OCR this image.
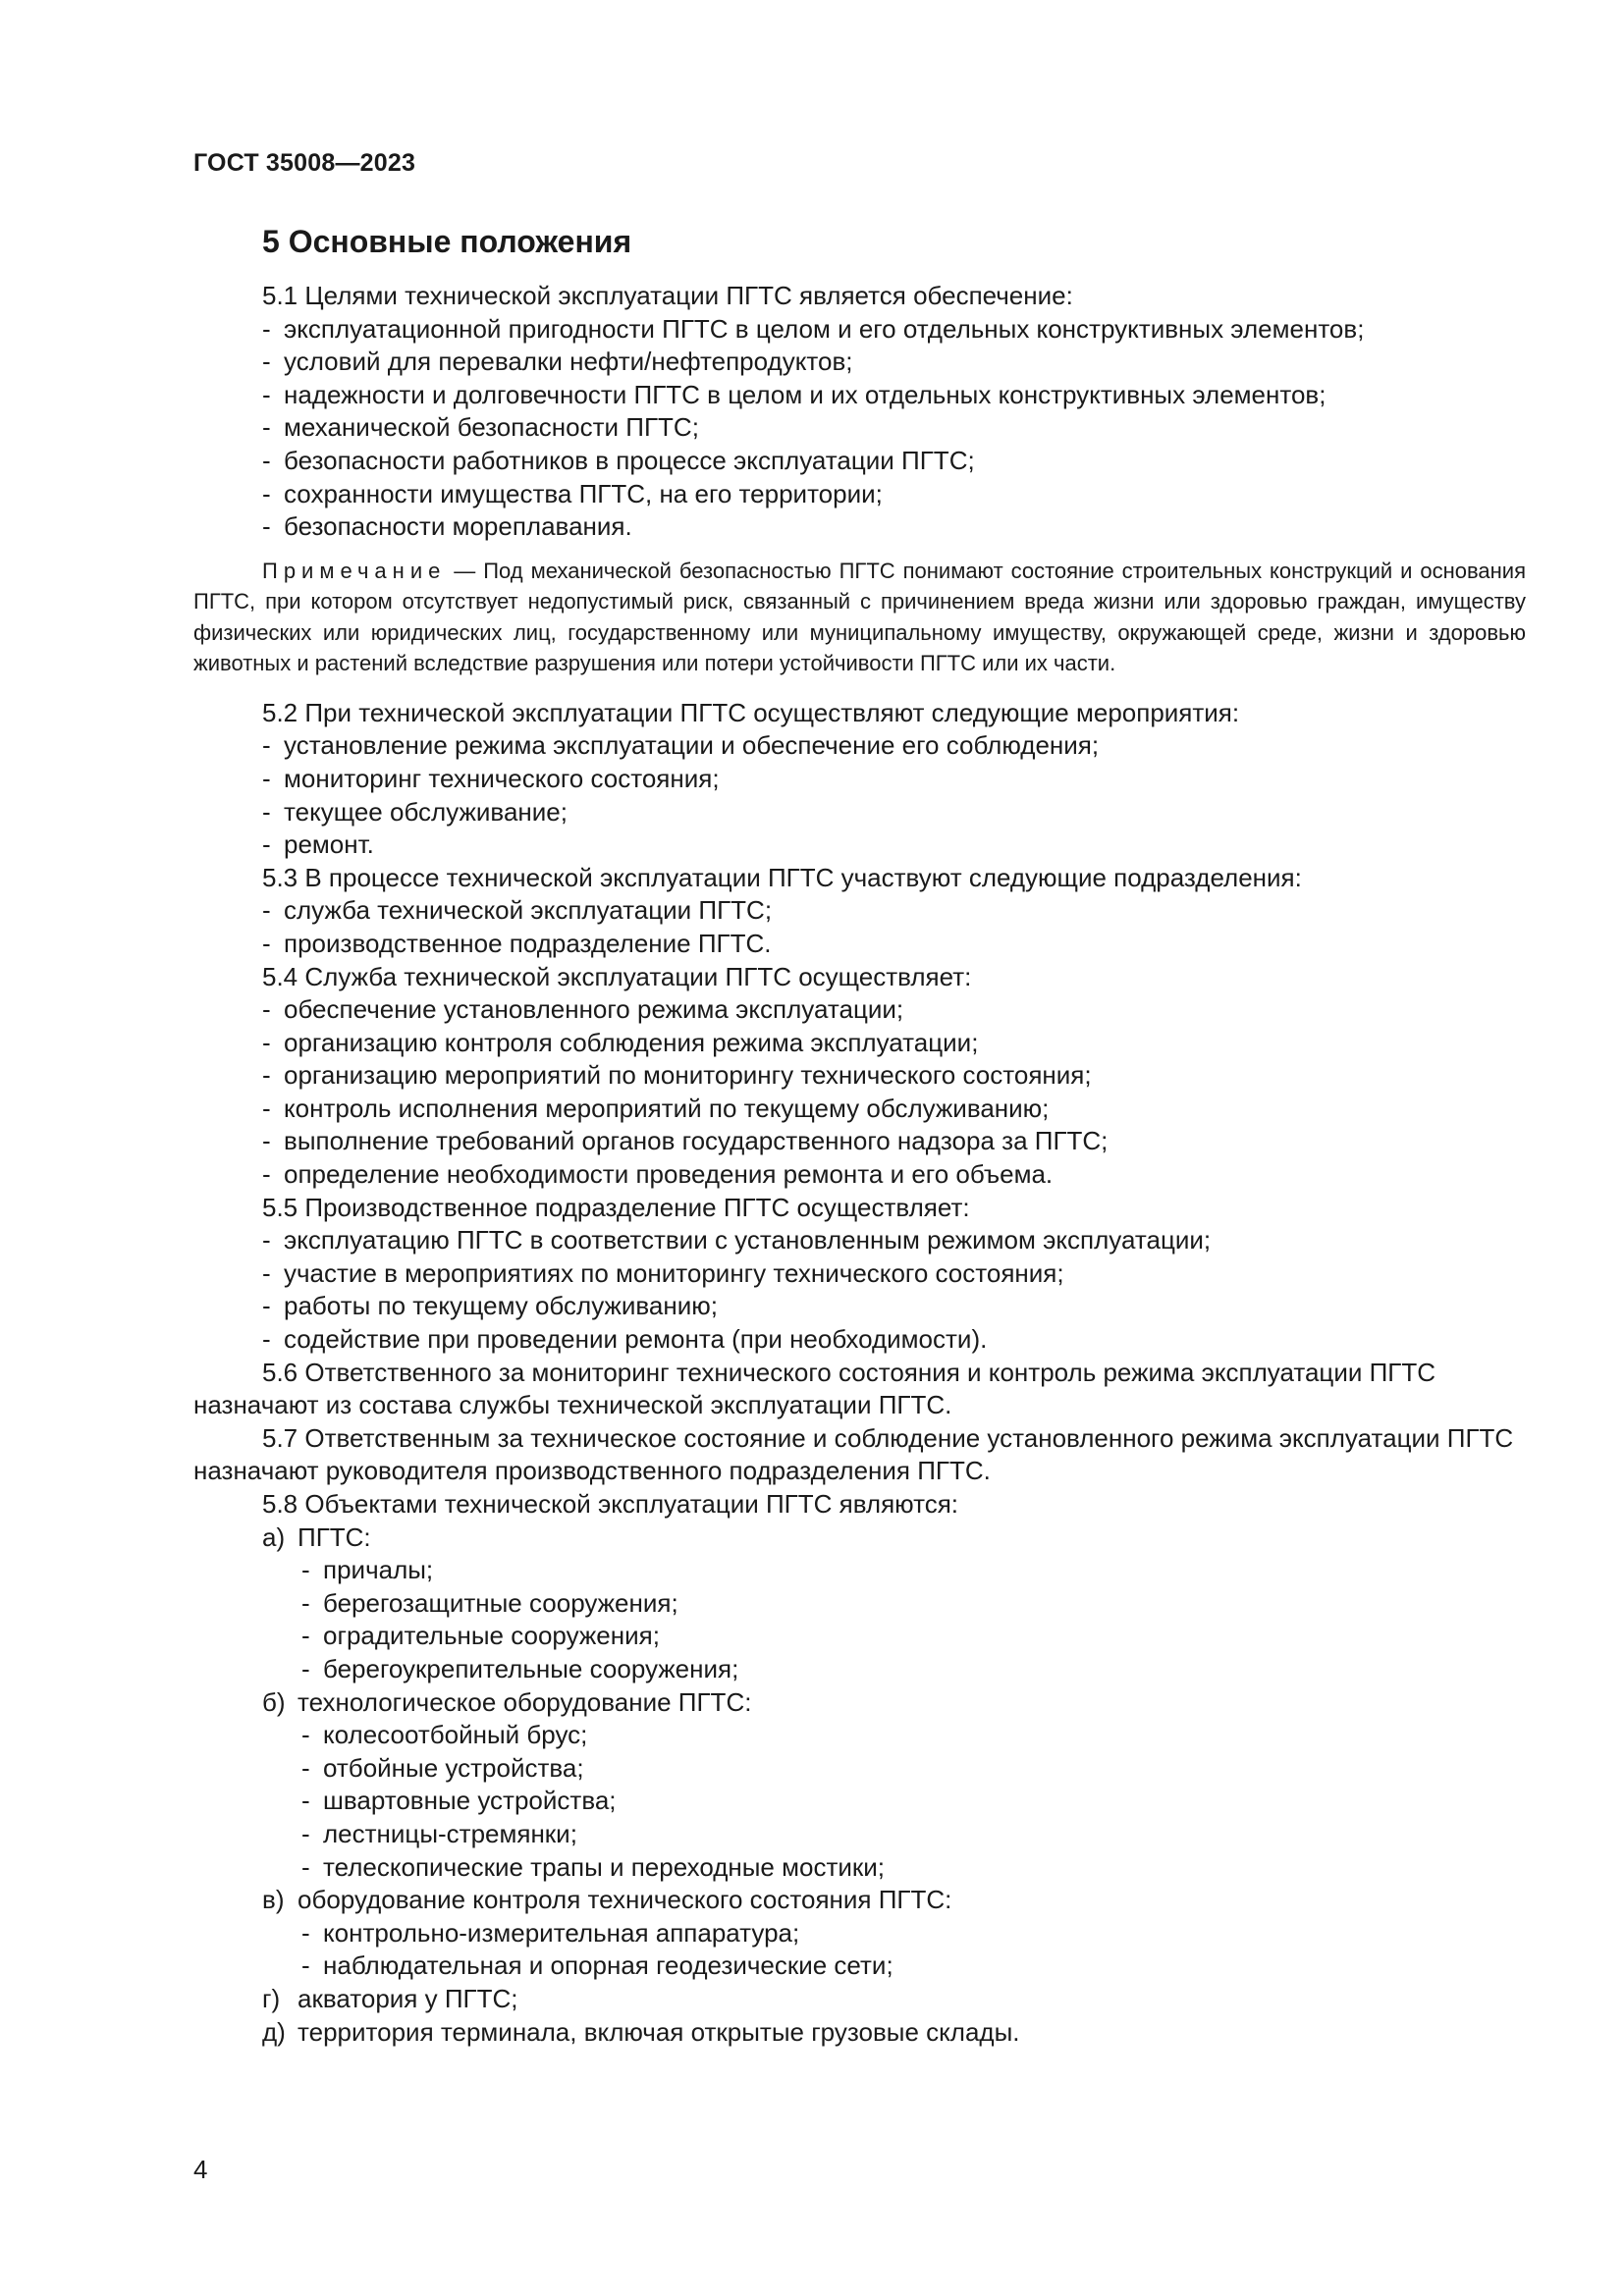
ГОСТ 35008—2023
5 Основные положения

5.1 Целями технической эксплуатации ПГТС является обеспечение:

- эксплуатационной пригодности ПГТС в целом и его отдельных конструктивных элементов;

- условий для перевалки нефти/нефтепродуктов;

- надежности и долговечности ПГТС в целом и их отдельных конструктивных элементов;

- механической безопасности ПГТС;

- безопасности работников в процессе эксплуатации ПГТС;

- сохранности имущества ПГТС, на его территории;

- безопасности мореплавания.

Примечание — Под механической безопасностью ПГТС понимают состояние строительных конструкций и основания ПГТС, при котором отсутствует недопустимый риск, связанный с причинением вреда жизни или здоровью граждан, имуществу физических или юридических лиц, государственному или муниципальному имуществу, окружающей среде, жизни и здоровью животных и растений вследствие разрушения или потери устойчивости ПГТС или их части.

5.2 При технической эксплуатации ПГТС осуществляют следующие мероприятия:

- установление режима эксплуатации и обеспечение его соблюдения;

- мониторинг технического состояния;

- текущее обслуживание;

- ремонт.

5.3 В процессе технической эксплуатации ПГТС участвуют следующие подразделения:

- служба технической эксплуатации ПГТС;

- производственное подразделение ПГТС.

5.4 Служба технической эксплуатации ПГТС осуществляет:

- обеспечение установленного режима эксплуатации;

- организацию контроля соблюдения режима эксплуатации;

- организацию мероприятий по мониторингу технического состояния;

- контроль исполнения мероприятий по текущему обслуживанию;

- выполнение требований органов государственного надзора за ПГТС;

- определение необходимости проведения ремонта и его объема.

5.5 Производственное подразделение ПГТС осуществляет:

- эксплуатацию ПГТС в соответствии с установленным режимом эксплуатации;

- участие в мероприятиях по мониторингу технического состояния;

- работы по текущему обслуживанию;

- содействие при проведении ремонта (при необходимости).

5.6 Ответственного за мониторинг технического состояния и контроль режима эксплуатации ПГТС назначают из состава службы технической эксплуатации ПГТС.

5.7 Ответственным за техническое состояние и соблюдение установленного режима эксплуатации ПГТС назначают руководителя производственного подразделения ПГТС.

5.8 Объектами технической эксплуатации ПГТС являются:

а) ПГТС:

- причалы;

- берегозащитные сооружения;

- оградительные сооружения;

- берегоукрепительные сооружения;

б) технологическое оборудование ПГТС:

- колесоотбойный брус;

- отбойные устройства;

- швартовные устройства;

- лестницы-стремянки;

- телескопические трапы и переходные мостики;

в) оборудование контроля технического состояния ПГТС:

- контрольно-измерительная аппаратура;

- наблюдательная и опорная геодезические сети;

г) акватория у ПГТС;

д) территория терминала, включая открытые грузовые склады.

4
